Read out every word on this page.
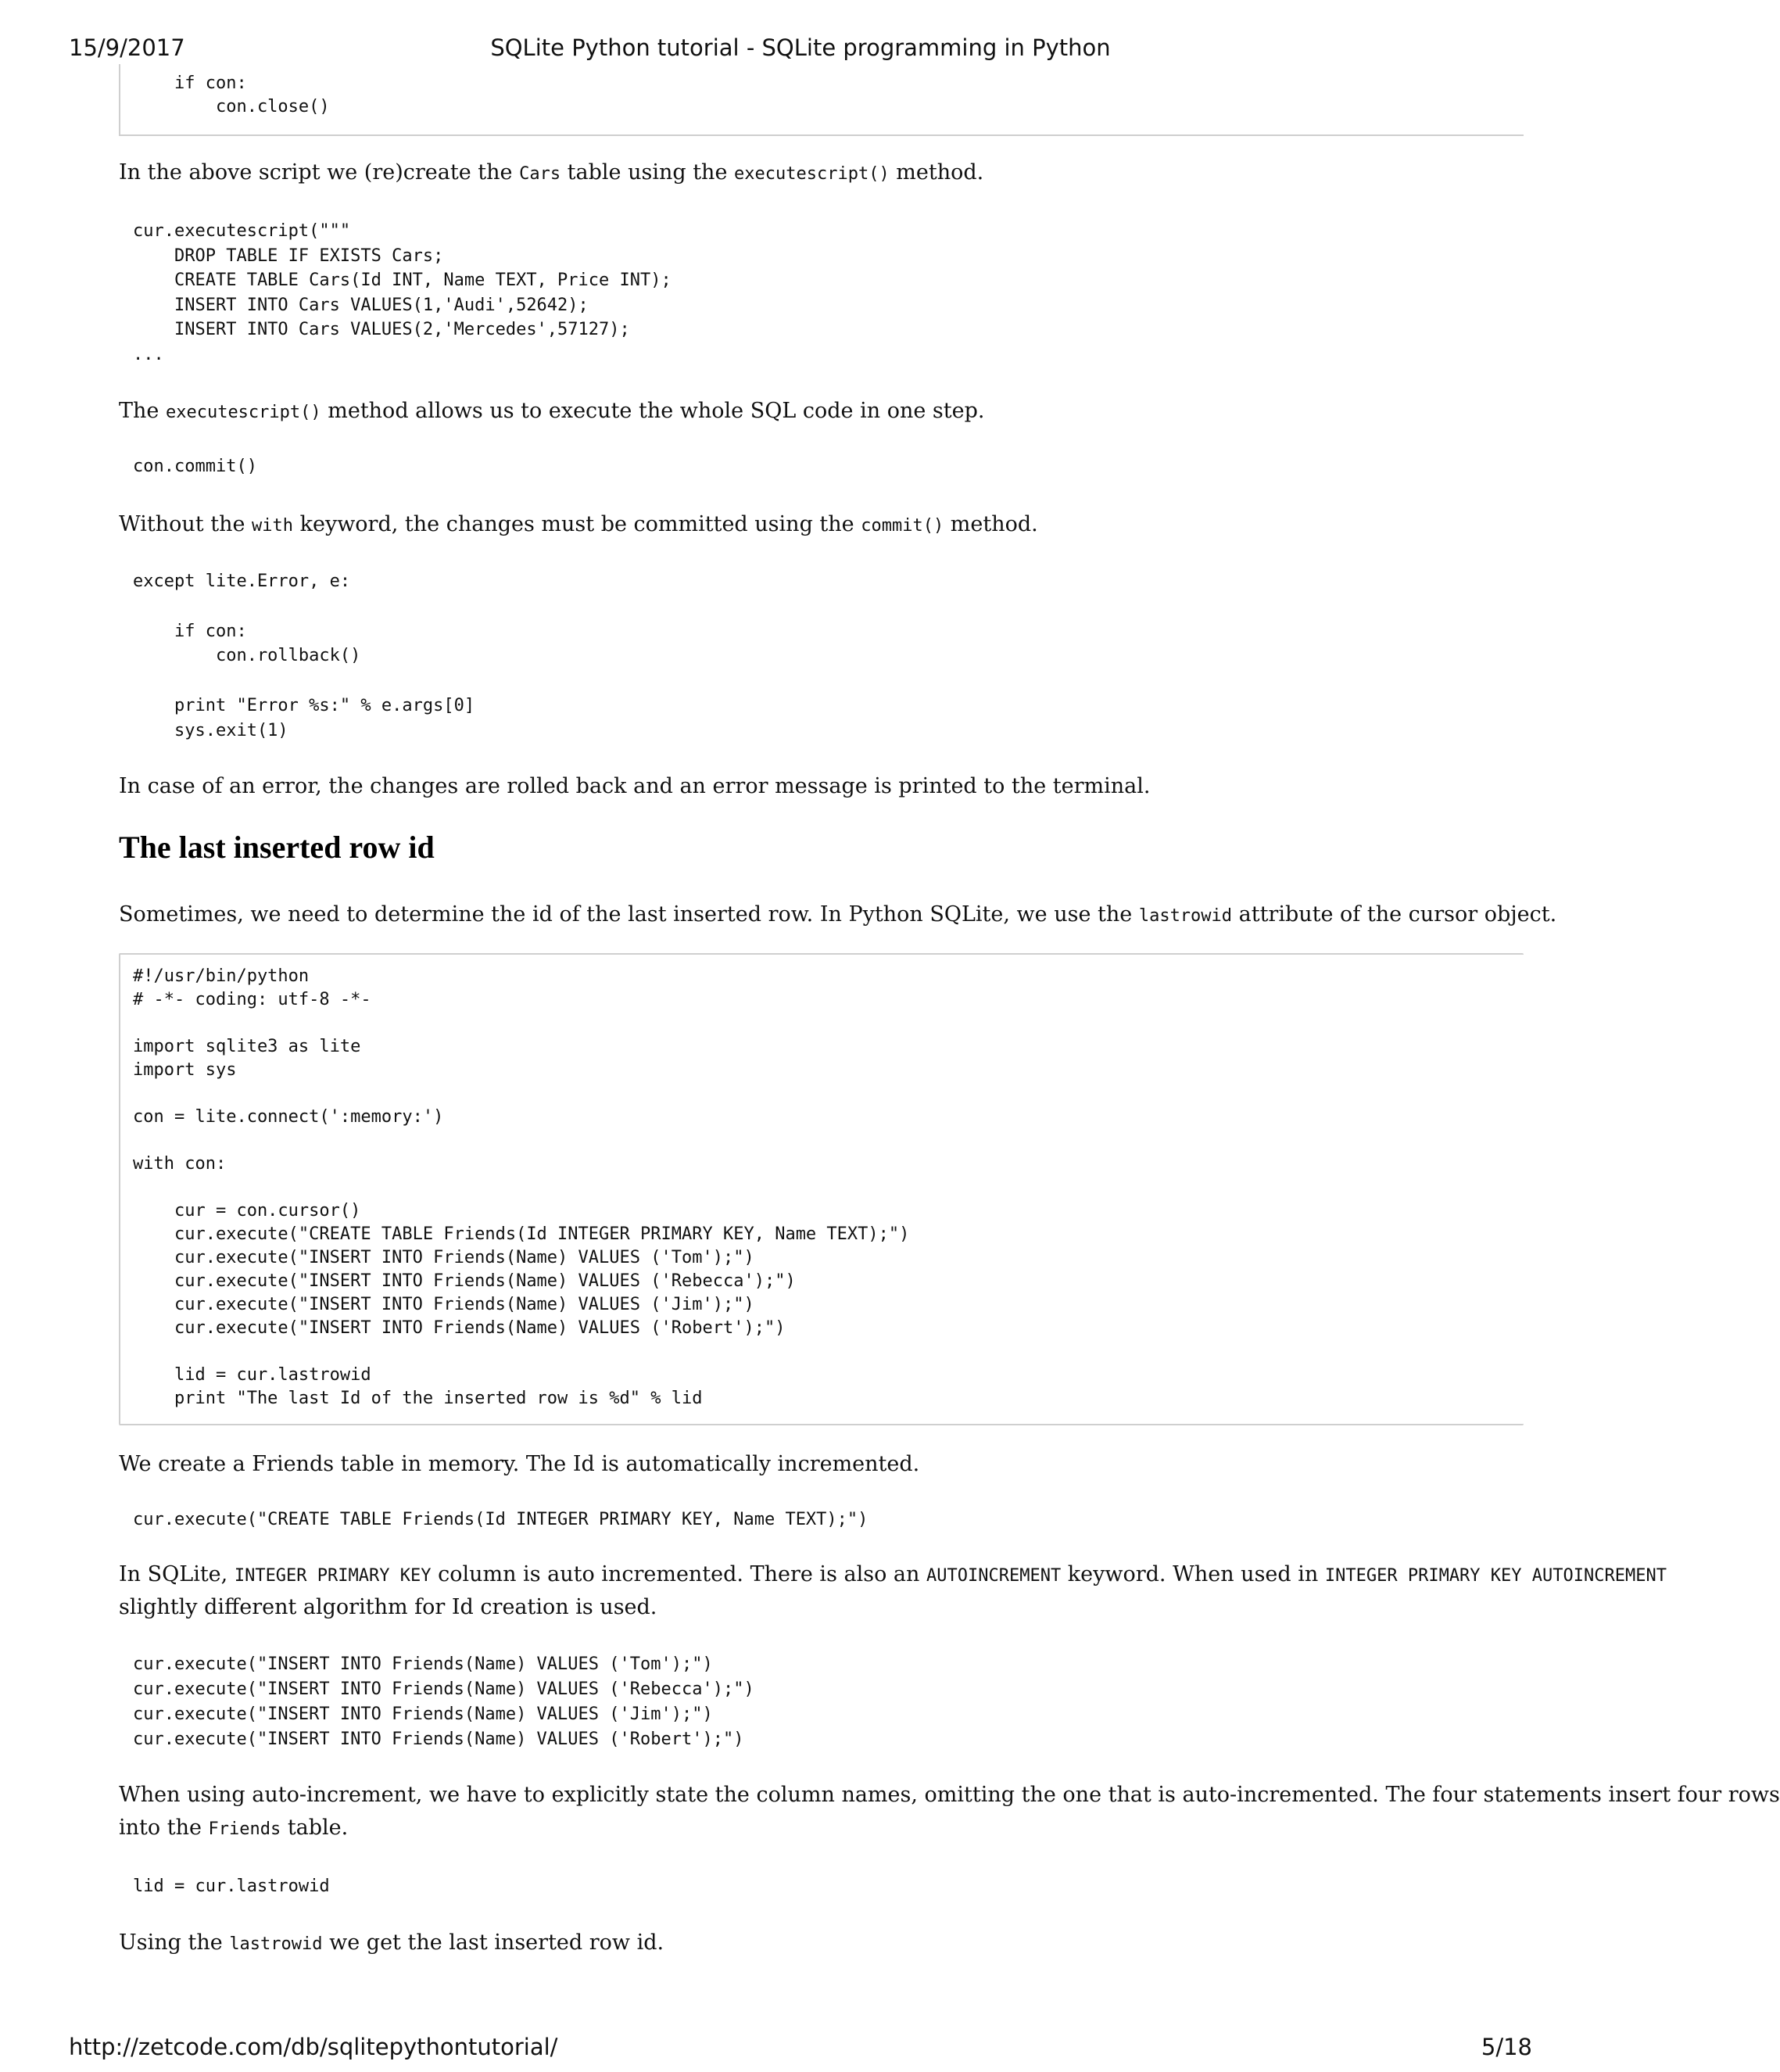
15/9/2017	SQLite Python tutorial - SQLite programming in Python
if con:
con.close()
In the above script we (re)create the Cars table using the executescript() method.
cur.executescript("""
DROP TABLE IF EXISTS Cars;
CREATE TABLE Cars(Id INT, Name TEXT, Price INT);
INSERT INTO Cars VALUES(1,'Audi',52642);
INSERT INTO Cars VALUES(2,'Mercedes',57127);
...
The executescript() method allows us to execute the whole SQL code in one step.
con.commit()
Without the with keyword, the changes must be committed using the commit() method.
except lite.Error, e:

if con:
con.rollback()

print "Error %s:" % e.args[0]
sys.exit(1)
In case of an error, the changes are rolled back and an error message is printed to the terminal.
The last inserted row id
Sometimes, we need to determine the id of the last inserted row. In Python SQLite, we use the lastrowid attribute of the cursor object.
#!/usr/bin/python
# -*- coding: utf-8 -*-

import sqlite3 as lite
import sys

con = lite.connect(':memory:')

with con:

cur = con.cursor()
cur.execute("CREATE TABLE Friends(Id INTEGER PRIMARY KEY, Name TEXT);")
cur.execute("INSERT INTO Friends(Name) VALUES ('Tom');")
cur.execute("INSERT INTO Friends(Name) VALUES ('Rebecca');")
cur.execute("INSERT INTO Friends(Name) VALUES ('Jim');")
cur.execute("INSERT INTO Friends(Name) VALUES ('Robert');")

lid = cur.lastrowid
print "The last Id of the inserted row is %d" % lid
We create a Friends table in memory. The Id is automatically incremented.
cur.execute("CREATE TABLE Friends(Id INTEGER PRIMARY KEY, Name TEXT);")
In SQLite, INTEGER PRIMARY KEY column is auto incremented. There is also an AUTOINCREMENT keyword. When used in INTEGER PRIMARY KEY AUTOINCREMENT
slightly different algorithm for Id creation is used.
cur.execute("INSERT INTO Friends(Name) VALUES ('Tom');")
cur.execute("INSERT INTO Friends(Name) VALUES ('Rebecca');")
cur.execute("INSERT INTO Friends(Name) VALUES ('Jim');")
cur.execute("INSERT INTO Friends(Name) VALUES ('Robert');")
When using auto-increment, we have to explicitly state the column names, omitting the one that is auto-incremented. The four statements insert four rows
into the Friends table.
lid = cur.lastrowid
Using the lastrowid we get the last inserted row id.
http://zetcode.com/db/sqlitepythontutorial/	5/18
